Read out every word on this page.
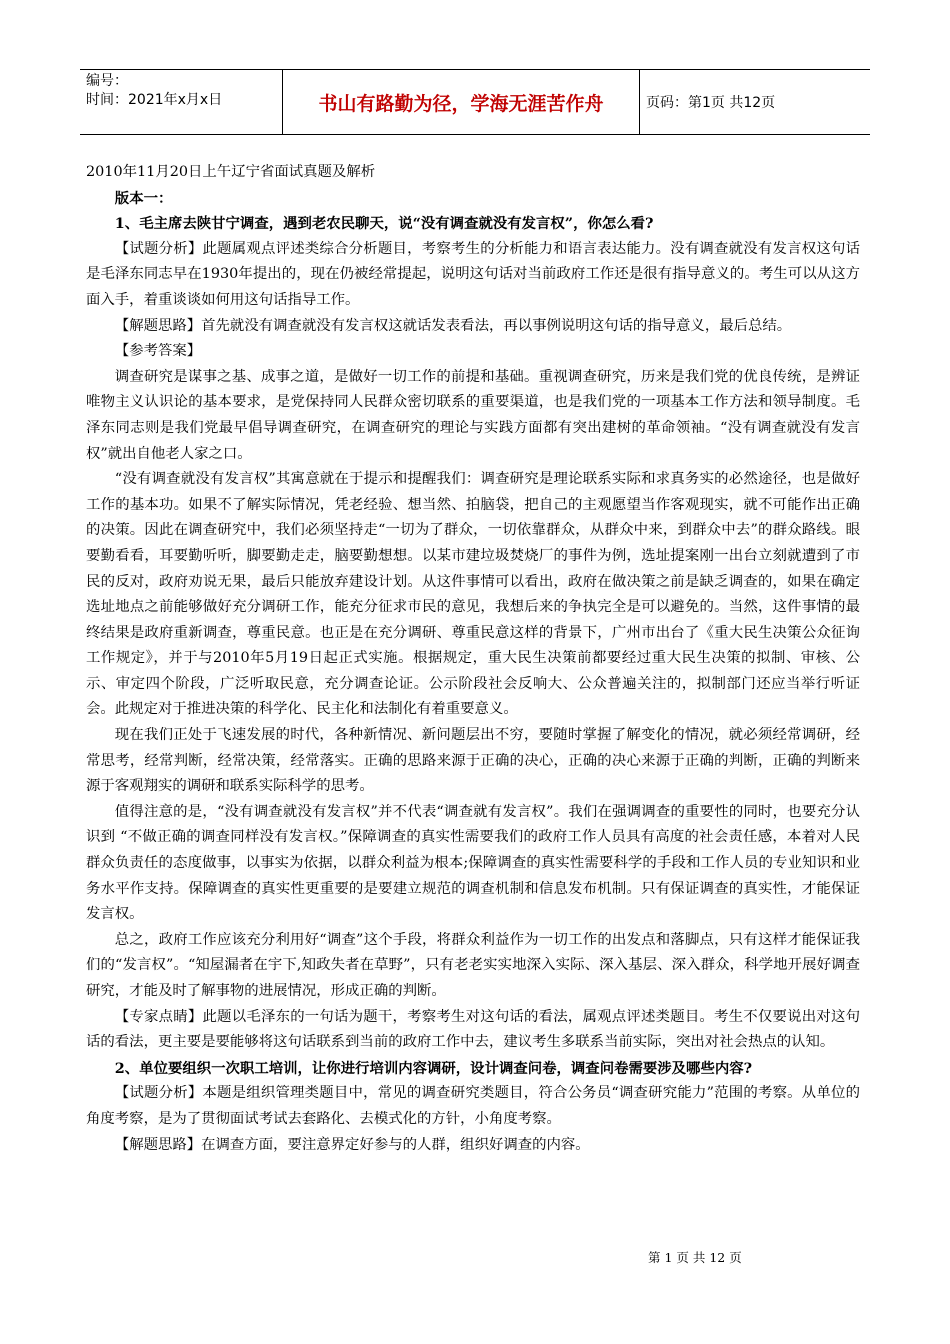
编号：
时间：2021年x月x日	书山有路勤为径，学海无涯苦作舟	页码：第1页 共12页

2010年11月20日上午辽宁省面试真题及解析

版本一：

1、毛主席去陕甘宁调查，遇到老农民聊天，说“没有调查就没有发言权”，你怎么看?

【试题分析】此题属观点评述类综合分析题目，考察考生的分析能力和语言表达能力。没有调查就没有发言权这句话是毛泽东同志早在1930年提出的，现在仍被经常提起，说明这句话对当前政府工作还是很有指导意义的。考生可以从这方面入手，着重谈谈如何用这句话指导工作。

【解题思路】首先就没有调查就没有发言权这就话发表看法，再以事例说明这句话的指导意义，最后总结。

【参考答案】

调查研究是谋事之基、成事之道，是做好一切工作的前提和基础。重视调查研究，历来是我们党的优良传统，是辨证唯物主义认识论的基本要求，是党保持同人民群众密切联系的重要渠道，也是我们党的一项基本工作方法和领导制度。毛泽东同志则是我们党最早倡导调查研究，在调查研究的理论与实践方面都有突出建树的革命领袖。“没有调查就没有发言权”就出自他老人家之口。

“没有调查就没有发言权”其寓意就在于提示和提醒我们：调查研究是理论联系实际和求真务实的必然途径，也是做好工作的基本功。如果不了解实际情况，凭老经验、想当然、拍脑袋，把自己的主观愿望当作客观现实，就不可能作出正确的决策。因此在调查研究中，我们必须坚持走“一切为了群众，一切依靠群众，从群众中来，到群众中去”的群众路线。眼要勤看看，耳要勤听听，脚要勤走走，脑要勤想想。以某市建垃圾焚烧厂的事件为例，选址提案刚一出台立刻就遭到了市民的反对，政府劝说无果，最后只能放弃建设计划。从这件事情可以看出，政府在做决策之前是缺乏调查的，如果在确定选址地点之前能够做好充分调研工作，能充分征求市民的意见，我想后来的争执完全是可以避免的。当然，这件事情的最终结果是政府重新调查，尊重民意。也正是在充分调研、尊重民意这样的背景下，广州市出台了《重大民生决策公众征询工作规定》，并于与2010年5月19日起正式实施。根据规定，重大民生决策前都要经过重大民生决策的拟制、审核、公示、审定四个阶段，广泛听取民意，充分调查论证。公示阶段社会反响大、公众普遍关注的，拟制部门还应当举行听证会。此规定对于推进决策的科学化、民主化和法制化有着重要意义。

现在我们正处于飞速发展的时代，各种新情况、新问题层出不穷，要随时掌握了解变化的情况，就必须经常调研，经常思考，经常判断，经常决策，经常落实。正确的思路来源于正确的决心，正确的决心来源于正确的判断，正确的判断来源于客观翔实的调研和联系实际科学的思考。

值得注意的是，“没有调查就没有发言权”并不代表“调查就有发言权”。我们在强调调查的重要性的同时，也要充分认识到 “不做正确的调查同样没有发言权。”保障调查的真实性需要我们的政府工作人员具有高度的社会责任感，本着对人民群众负责任的态度做事，以事实为依据，以群众利益为根本;保障调查的真实性需要科学的手段和工作人员的专业知识和业务水平作支持。保障调查的真实性更重要的是要建立规范的调查机制和信息发布机制。只有保证调查的真实性，才能保证发言权。

总之，政府工作应该充分利用好“调查”这个手段，将群众利益作为一切工作的出发点和落脚点，只有这样才能保证我们的“发言权”。“知屋漏者在宇下,知政失者在草野”，只有老老实实地深入实际、深入基层、深入群众，科学地开展好调查研究，才能及时了解事物的进展情况，形成正确的判断。

【专家点睛】此题以毛泽东的一句话为题干，考察考生对这句话的看法，属观点评述类题目。考生不仅要说出对这句话的看法，更主要是要能够将这句话联系到当前的政府工作中去，建议考生多联系当前实际，突出对社会热点的认知。

2、单位要组织一次职工培训，让你进行培训内容调研，设计调查问卷，调查问卷需要涉及哪些内容?

【试题分析】本题是组织管理类题目中，常见的调查研究类题目，符合公务员“调查研究能力”范围的考察。从单位的角度考察，是为了贯彻面试考试去套路化、去模式化的方针，小角度考察。

【解题思路】在调查方面，要注意界定好参与的人群，组织好调查的内容。

第 1 页 共 12 页
